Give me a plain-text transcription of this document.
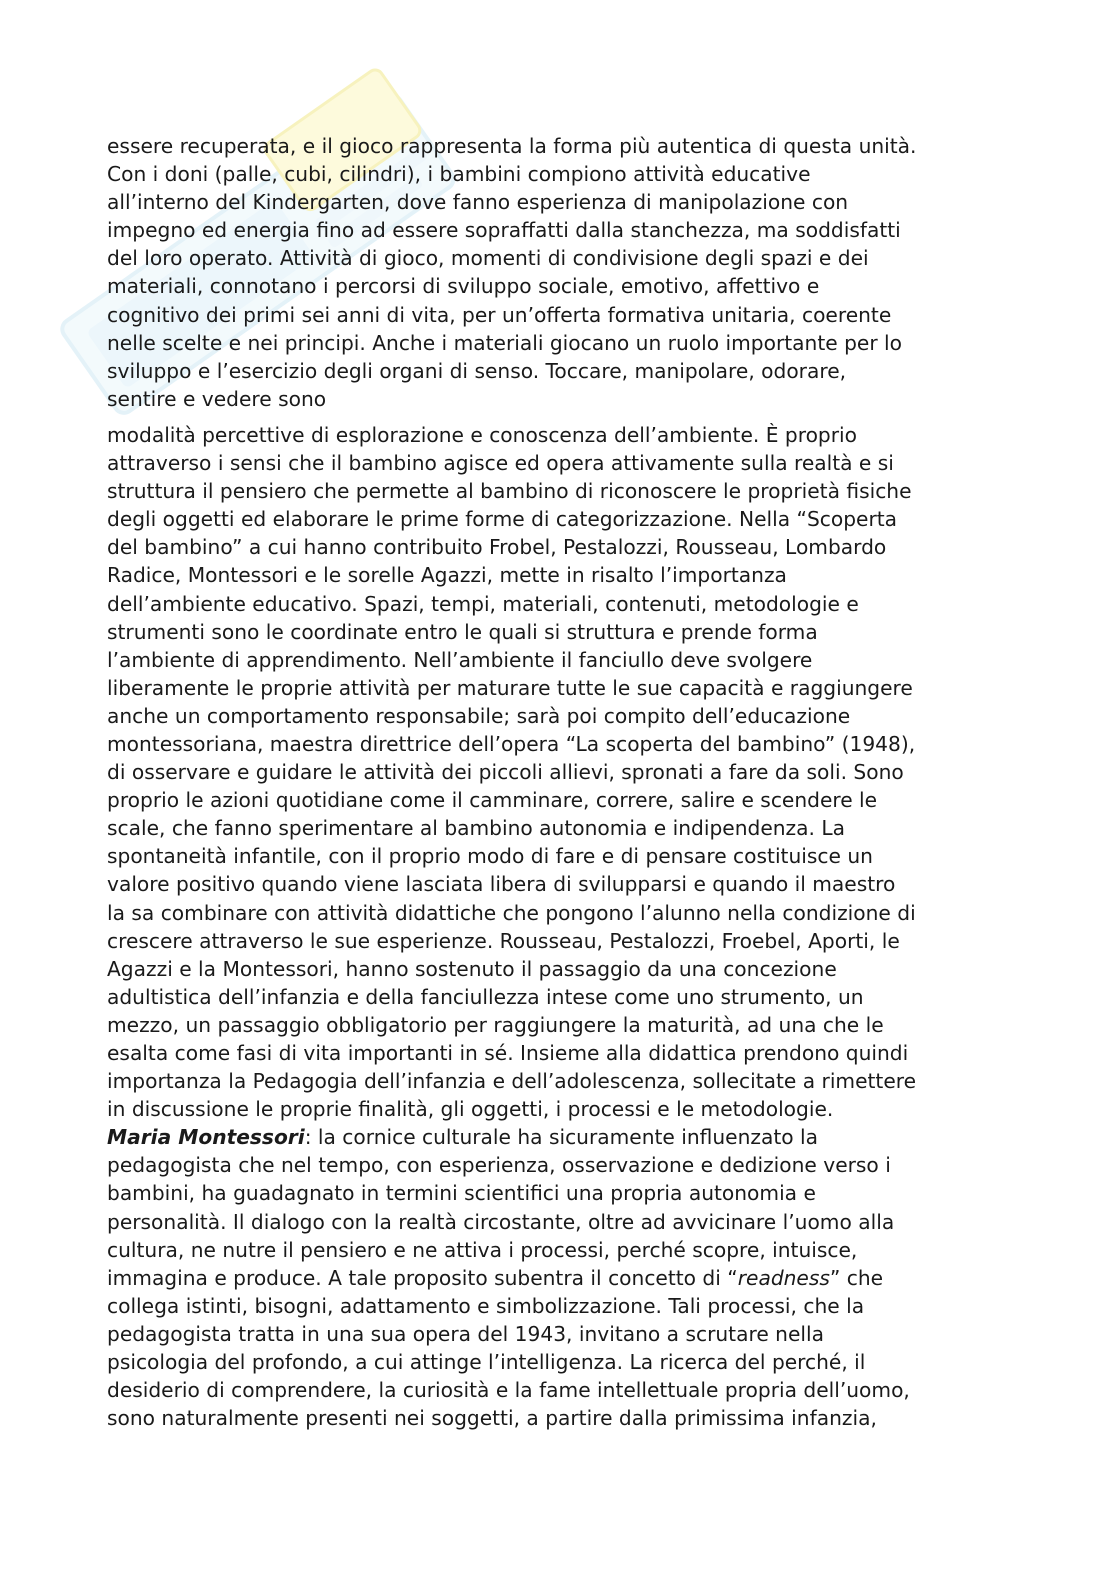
essere recuperata, e il gioco rappresenta la forma più autentica di questa unità.
Con i doni (palle, cubi, cilindri), i bambini compiono attività educative
all’interno del Kindergarten, dove fanno esperienza di manipolazione con
impegno ed energia fino ad essere sopraffatti dalla stanchezza, ma soddisfatti
del loro operato. Attività di gioco, momenti di condivisione degli spazi e dei
materiali, connotano i percorsi di sviluppo sociale, emotivo, affettivo e
cognitivo dei primi sei anni di vita, per un’offerta formativa unitaria, coerente
nelle scelte e nei principi. Anche i materiali giocano un ruolo importante per lo
sviluppo e l’esercizio degli organi di senso. Toccare, manipolare, odorare,
sentire e vedere sono
modalità percettive di esplorazione e conoscenza dell’ambiente. È proprio
attraverso i sensi che il bambino agisce ed opera attivamente sulla realtà e si
struttura il pensiero che permette al bambino di riconoscere le proprietà fisiche
degli oggetti ed elaborare le prime forme di categorizzazione. Nella “Scoperta
del bambino” a cui hanno contribuito Frobel, Pestalozzi, Rousseau, Lombardo
Radice, Montessori e le sorelle Agazzi, mette in risalto l’importanza
dell’ambiente educativo. Spazi, tempi, materiali, contenuti, metodologie e
strumenti sono le coordinate entro le quali si struttura e prende forma
l’ambiente di apprendimento. Nell’ambiente il fanciullo deve svolgere
liberamente le proprie attività per maturare tutte le sue capacità e raggiungere
anche un comportamento responsabile; sarà poi compito dell’educazione
montessoriana, maestra direttrice dell’opera “La scoperta del bambino” (1948),
di osservare e guidare le attività dei piccoli allievi, spronati a fare da soli. Sono
proprio le azioni quotidiane come il camminare, correre, salire e scendere le
scale, che fanno sperimentare al bambino autonomia e indipendenza. La
spontaneità infantile, con il proprio modo di fare e di pensare costituisce un
valore positivo quando viene lasciata libera di svilupparsi e quando il maestro
la sa combinare con attività didattiche che pongono l’alunno nella condizione di
crescere attraverso le sue esperienze. Rousseau, Pestalozzi, Froebel, Aporti, le
Agazzi e la Montessori, hanno sostenuto il passaggio da una concezione
adultistica dell’infanzia e della fanciullezza intese come uno strumento, un
mezzo, un passaggio obbligatorio per raggiungere la maturità, ad una che le
esalta come fasi di vita importanti in sé. Insieme alla didattica prendono quindi
importanza la Pedagogia dell’infanzia e dell’adolescenza, sollecitate a rimettere
in discussione le proprie finalità, gli oggetti, i processi e le metodologie.
Maria Montessori: la cornice culturale ha sicuramente influenzato la
pedagogista che nel tempo, con esperienza, osservazione e dedizione verso i
bambini, ha guadagnato in termini scientifici una propria autonomia e
personalità. Il dialogo con la realtà circostante, oltre ad avvicinare l’uomo alla
cultura, ne nutre il pensiero e ne attiva i processi, perché scopre, intuisce,
immagina e produce. A tale proposito subentra il concetto di “readness” che
collega istinti, bisogni, adattamento e simbolizzazione. Tali processi, che la
pedagogista tratta in una sua opera del 1943, invitano a scrutare nella
psicologia del profondo, a cui attinge l’intelligenza. La ricerca del perché, il
desiderio di comprendere, la curiosità e la fame intellettuale propria dell’uomo,
sono naturalmente presenti nei soggetti, a partire dalla primissima infanzia,
